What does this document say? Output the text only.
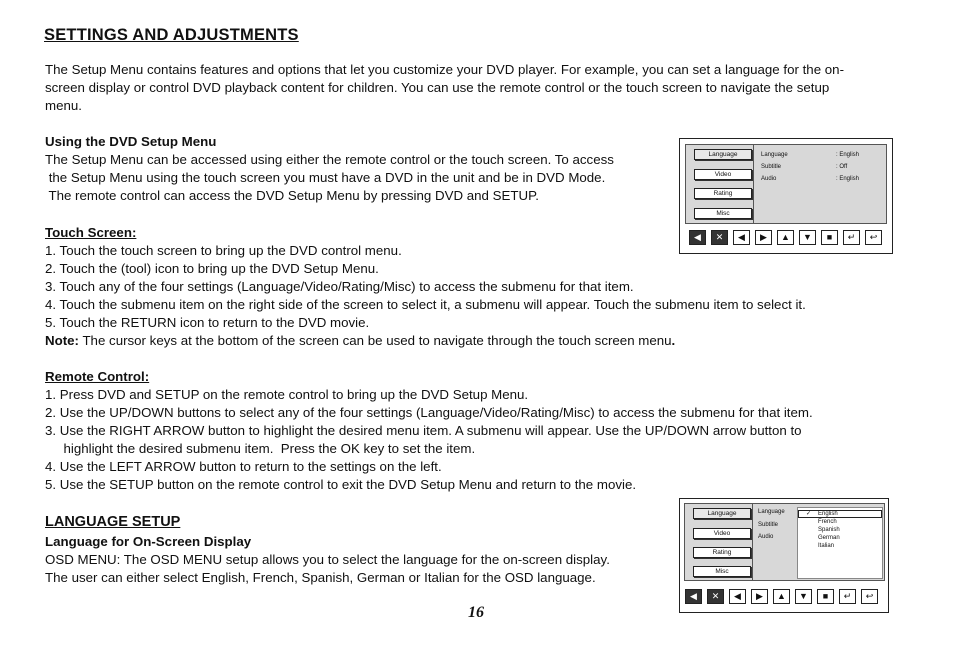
SETTINGS AND ADJUSTMENTS
The Setup Menu contains features and options that let you customize your DVD player. For example, you can set a language for the on-
screen display or control DVD playback content for children. You can use the remote control or the touch screen to navigate the setup
menu.
Using the DVD Setup Menu
The Setup Menu can be accessed using either the remote control or the touch screen. To access
the Setup Menu using the touch screen you must have a DVD in the unit and be in DVD Mode.
The remote control can access the DVD Setup Menu by pressing DVD and SETUP.
Touch Screen:
1. Touch the touch screen to bring up the DVD control menu.
2. Touch the (tool) icon to bring up the DVD Setup Menu.
3. Touch any of the four settings (Language/Video/Rating/Misc) to access the submenu for that item.
4. Touch the submenu item on the right side of the screen to select it, a submenu will appear. Touch the submenu item to select it.
5. Touch the RETURN icon to return to the DVD movie.
Note: The cursor keys at the bottom of the screen can be used to navigate through the touch screen menu.
Remote Control:
1. Press DVD and SETUP on the remote control to bring up the DVD Setup Menu.
2. Use the UP/DOWN buttons to select any of the four settings (Language/Video/Rating/Misc) to access the submenu for that item.
3. Use the RIGHT ARROW button to highlight the desired menu item. A submenu will appear. Use the UP/DOWN arrow button to
highlight the desired submenu item.  Press the OK key to set the item.
4. Use the LEFT ARROW button to return to the settings on the left.
5. Use the SETUP button on the remote control to exit the DVD Setup Menu and return to the movie.
LANGUAGE SETUP
Language for On-Screen Display
OSD MENU: The OSD MENU setup allows you to select the language for the on-screen display.
The user can either select English, French, Spanish, German or Italian for the OSD language.
16
Language
Video
Rating
Misc
Language	: English
Subtitle	: Off
Audio	: English
◀	✕	◀	▶	▲	▼	■	↵	↩
Language
Video
Rating
Misc
Language
Subtitle
Audio
✓ English
French
Spanish
German
Italian
◀	✕	◀	▶	▲	▼	■	↵	↩
